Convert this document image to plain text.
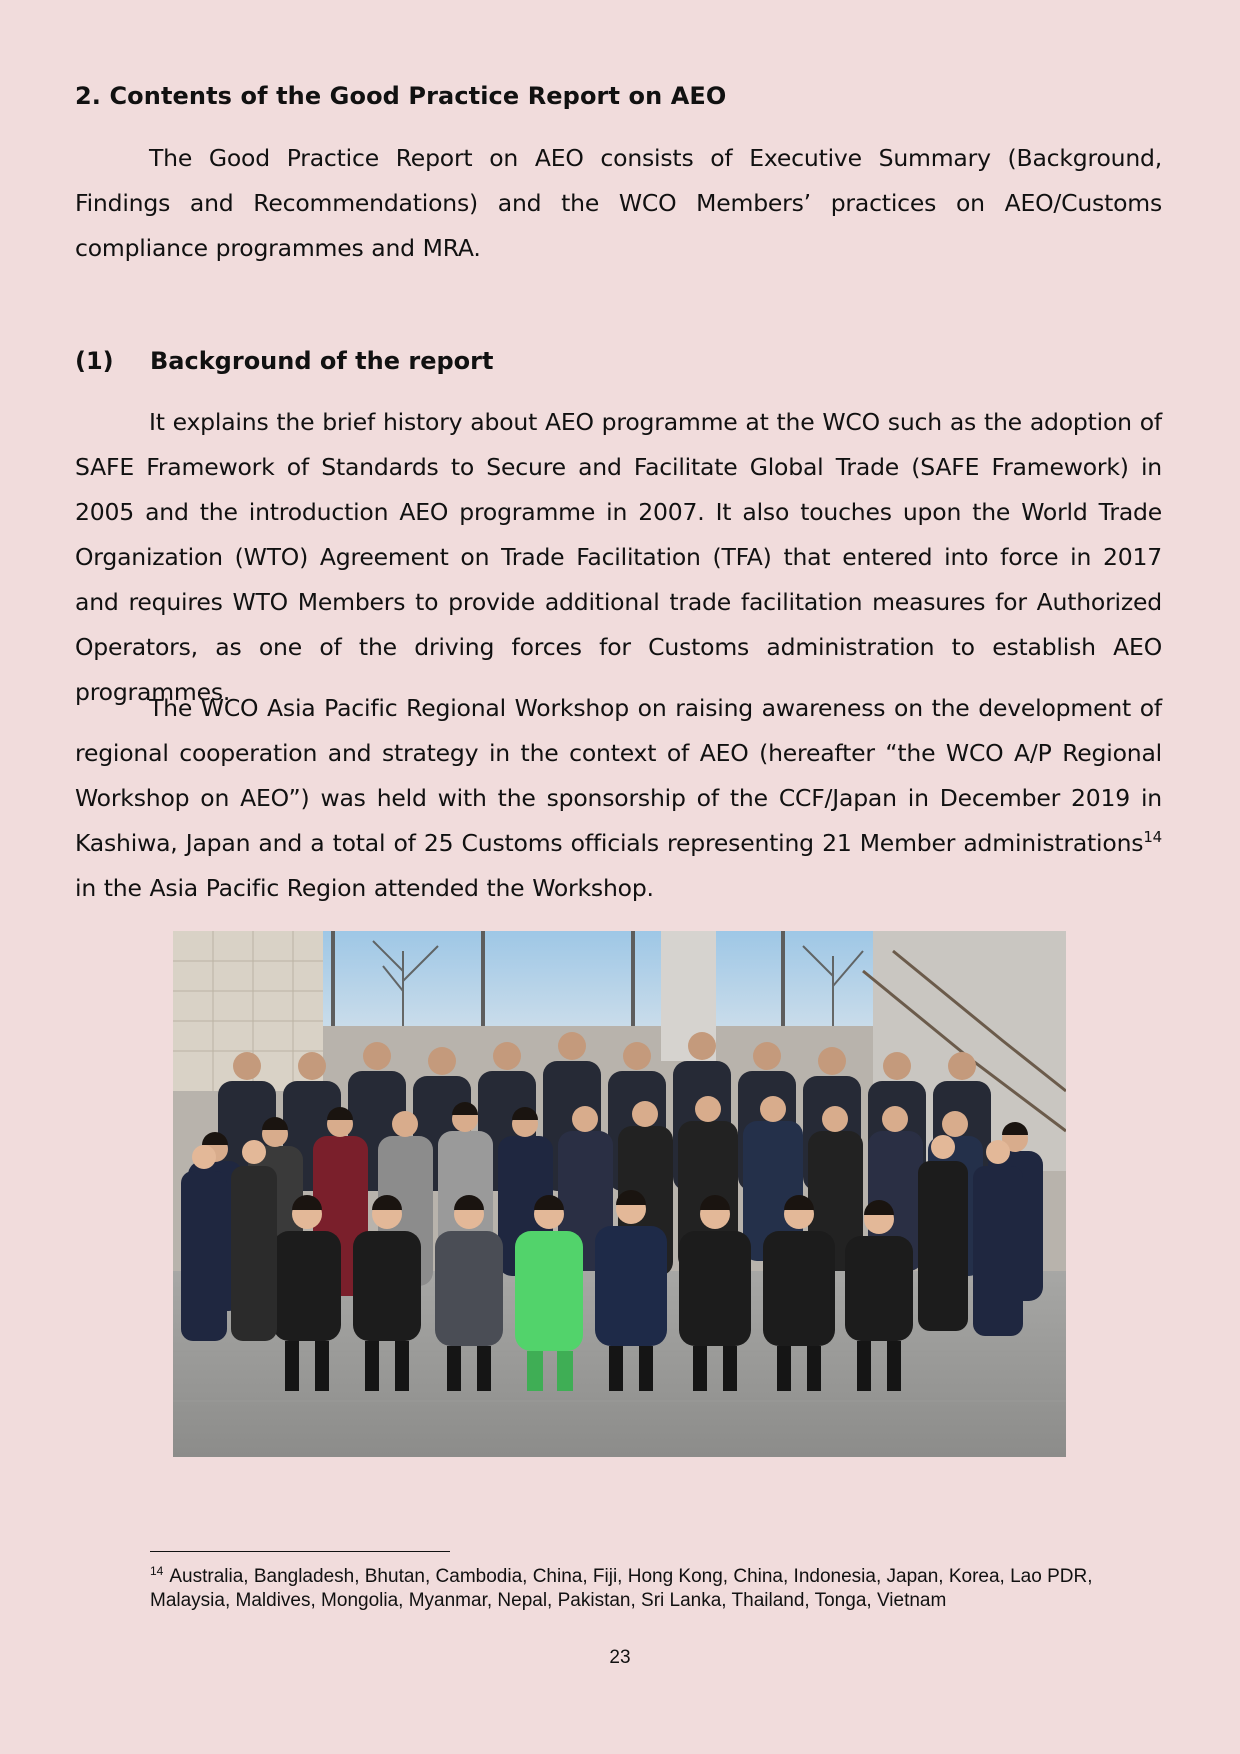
2. Contents of the Good Practice Report on AEO

The Good Practice Report on AEO consists of Executive Summary (Background, Findings and Recommendations) and the WCO Members’ practices on AEO/Customs compliance programmes and MRA.

(1)	Background of the report

It explains the brief history about AEO programme at the WCO such as the adoption of SAFE Framework of Standards to Secure and Facilitate Global Trade (SAFE Framework) in 2005 and the introduction AEO programme in 2007. It also touches upon the World Trade Organization (WTO) Agreement on Trade Facilitation (TFA) that entered into force in 2017 and requires WTO Members to provide additional trade facilitation measures for Authorized Operators, as one of the driving forces for Customs administration to establish AEO programmes.

The WCO Asia Pacific Regional Workshop on raising awareness on the development of regional cooperation and strategy in the context of AEO (hereafter “the WCO A/P Regional Workshop on AEO”) was held with the sponsorship of the CCF/Japan in December 2019 in Kashiwa, Japan and a total of 25 Customs officials representing 21 Member administrations$^{14}$ in the Asia Pacific Region attended the Workshop.

$^{14}$ Australia, Bangladesh, Bhutan, Cambodia, China, Fiji, Hong Kong, China, Indonesia, Japan, Korea, Lao PDR, Malaysia, Maldives, Mongolia, Myanmar, Nepal, Pakistan, Sri Lanka, Thailand, Tonga, Vietnam

23
